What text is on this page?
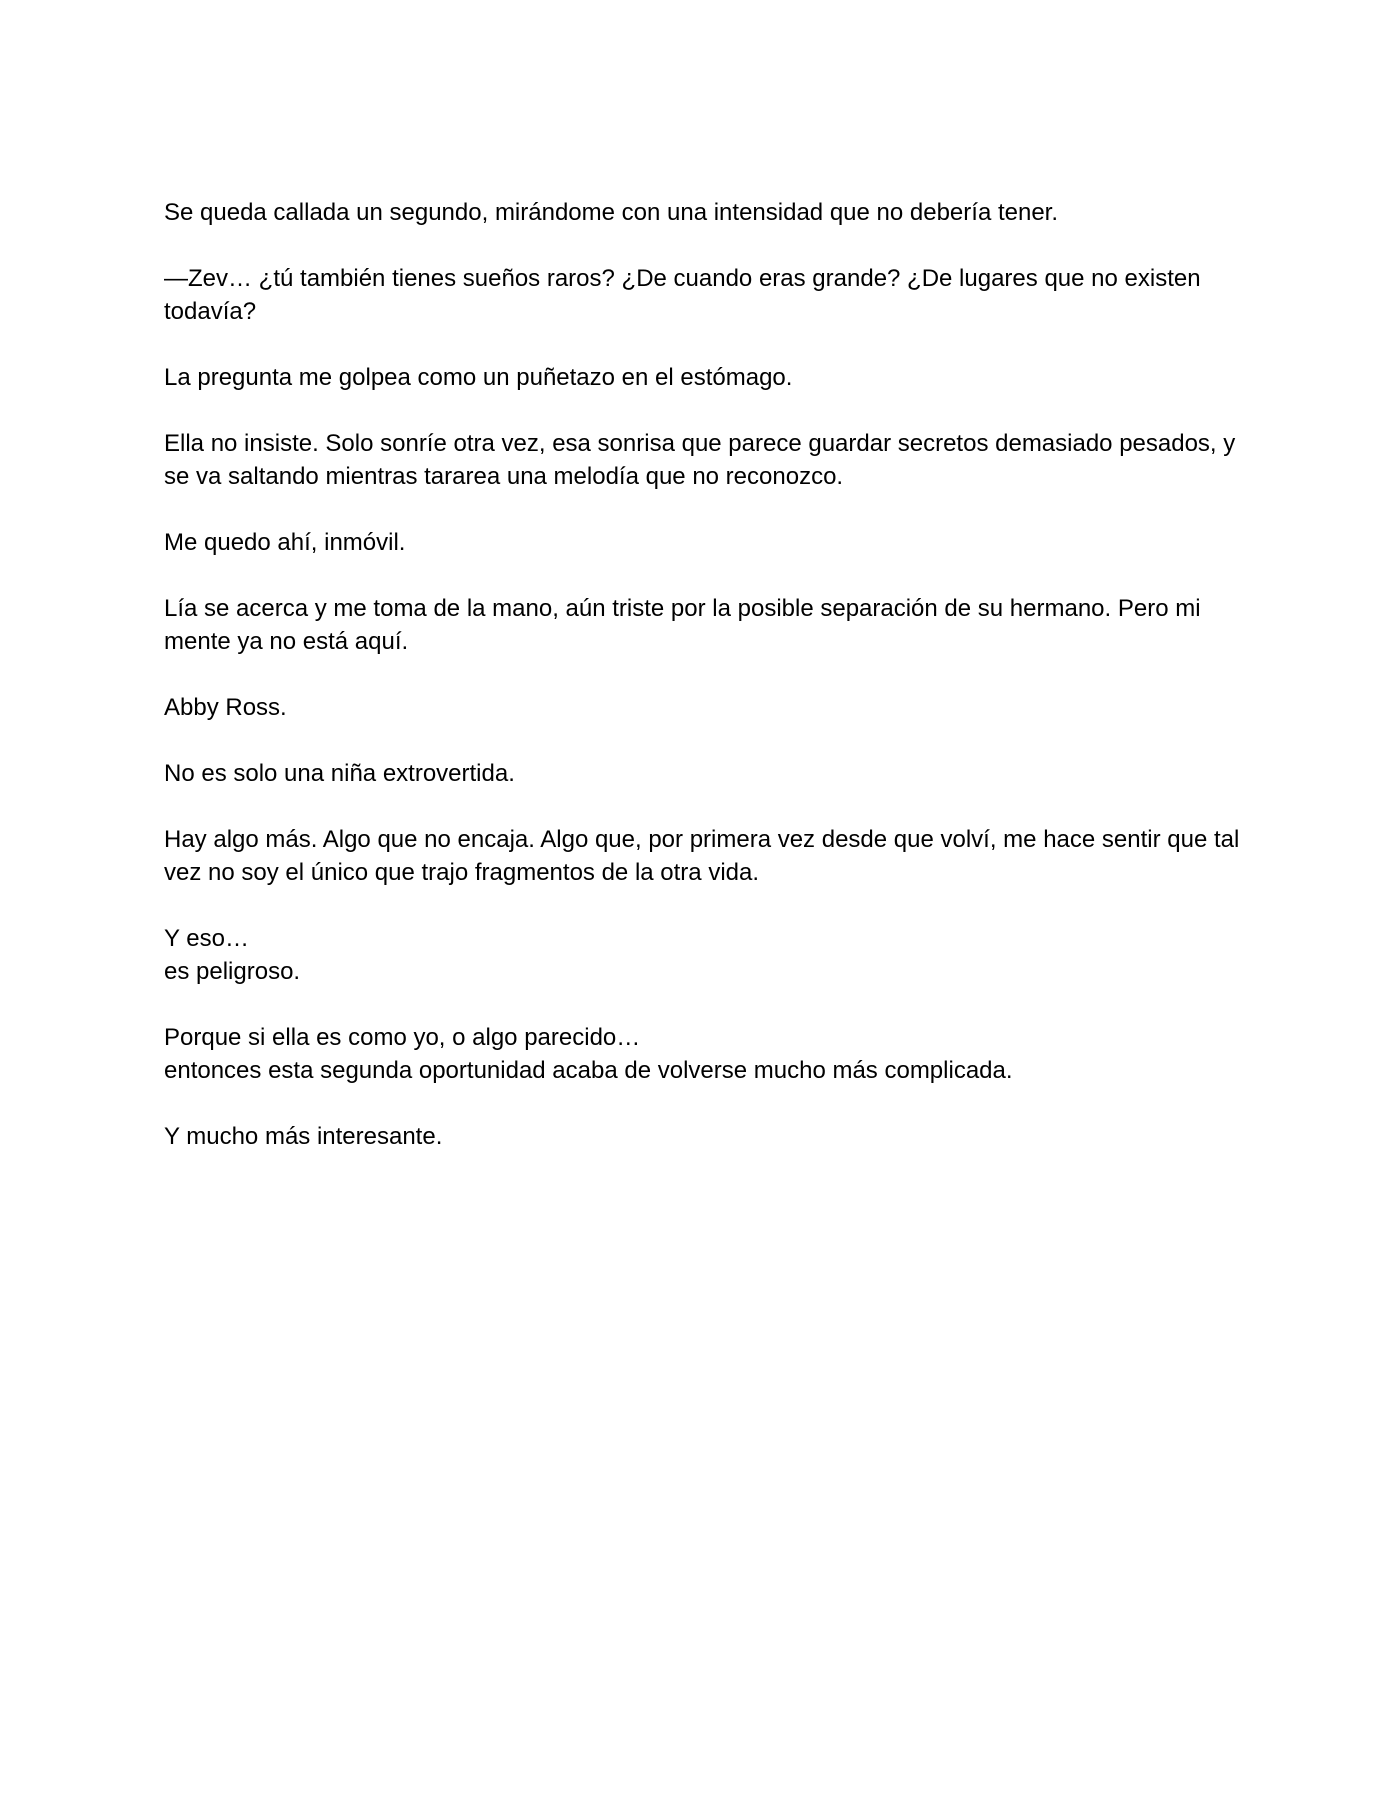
Se queda callada un segundo, mirándome con una intensidad que no debería tener.

—Zev… ¿tú también tienes sueños raros? ¿De cuando eras grande? ¿De lugares que no existen todavía?

La pregunta me golpea como un puñetazo en el estómago.

Ella no insiste. Solo sonríe otra vez, esa sonrisa que parece guardar secretos demasiado pesados, y se va saltando mientras tararea una melodía que no reconozco.

Me quedo ahí, inmóvil.

Lía se acerca y me toma de la mano, aún triste por la posible separación de su hermano. Pero mi mente ya no está aquí.

Abby Ross.

No es solo una niña extrovertida.

Hay algo más. Algo que no encaja. Algo que, por primera vez desde que volví, me hace sentir que tal vez no soy el único que trajo fragmentos de la otra vida.

Y eso…
es peligroso.

Porque si ella es como yo, o algo parecido…
entonces esta segunda oportunidad acaba de volverse mucho más complicada.

Y mucho más interesante.
